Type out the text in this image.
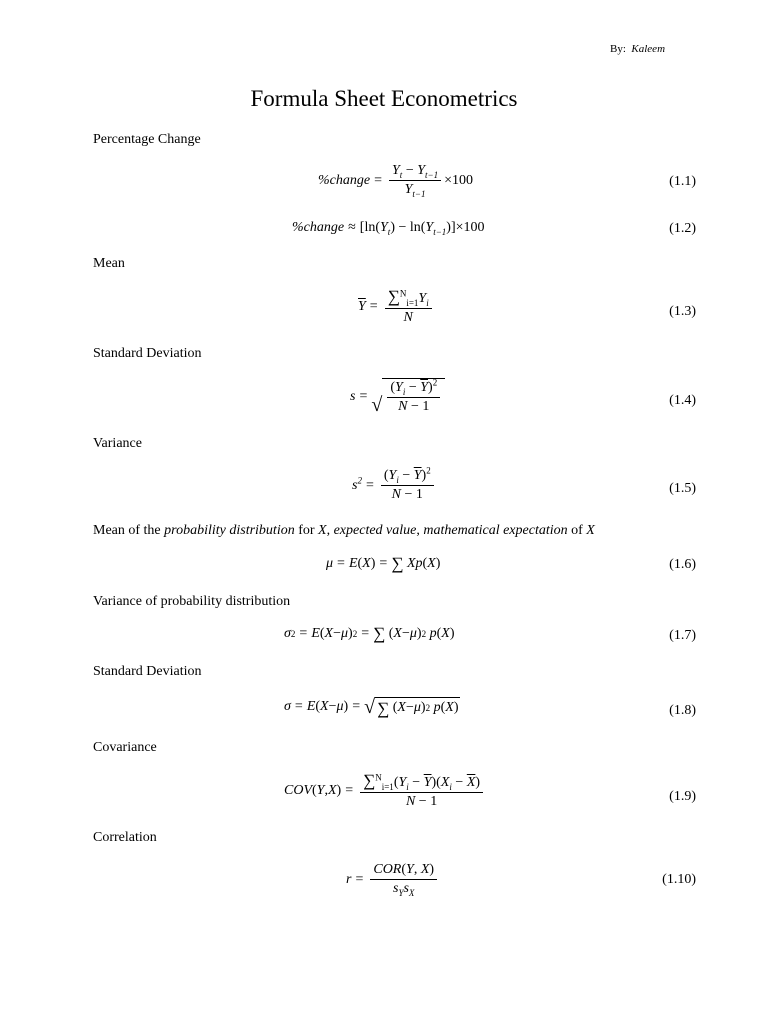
By: Kaleem
Formula Sheet Econometrics
Percentage Change
%change = $\frac{Y_t - Y_{t-1}}{Y_{t-1}} \times 100$	(1.1)
%change ≈ $[\ln(Y_t) - \ln(Y_{t-1})]\times 100$	(1.2)
Mean
$\overline{Y} = \frac{\sum^N_{i=1}Y_i}{N}$	(1.3)
Standard Deviation
s = √ $\frac{(Y_i - \overline{Y})^2}{N - 1}$	(1.4)
Variance
$s^2 = \frac{(Y_i - \overline{Y})^2}{N - 1}$	(1.5)
Mean of the probability distribution for X, expected value, mathematical expectation of X
μ = E ( X ) = ∑
Xp ( X )	(1.6)
Variance of probability distribution
σ 2 = E ( X − μ ) 2 = ∑ ( X − μ ) 2
p ( X )	(1.7)
Standard Deviation
σ = E ( X − μ ) = √ ∑ ( X − μ ) 2
p ( X )	(1.8)
Covariance
COV ( Y , X ) = $\frac{\sum^N_{i=1}(Y_i - \overline{Y})(X_i - \overline{X})}{N - 1}$	(1.9)
Correlation
$r = \frac{\text{COR(Y, X)}}{s_Ys_X}$	(1.10)
